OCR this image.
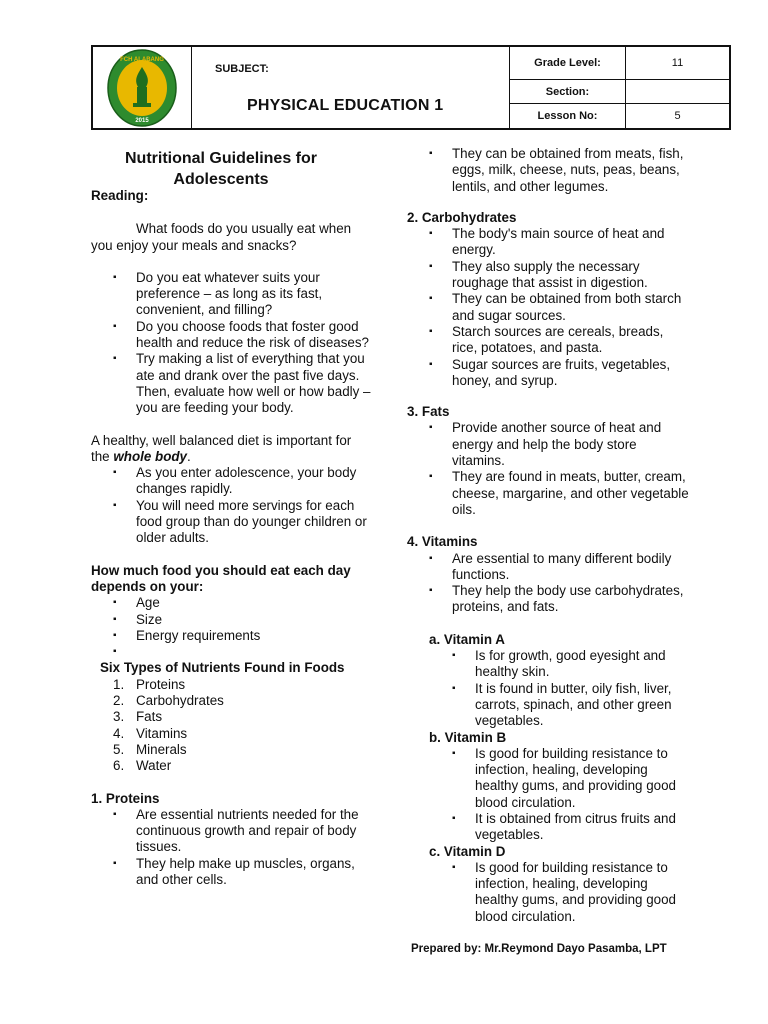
FCH ALABANG
2015
SUBJECT:
PHYSICAL EDUCATION 1
Grade Level:	11
Section:
Lesson No:	5
Nutritional Guidelines for Adolescents

Reading:

What foods do you usually eat when you enjoy your meals and snacks?

▪ Do you eat whatever suits your preference – as long as its fast, convenient, and filling?
▪ Do you choose foods that foster good health and reduce the risk of diseases?
▪ Try making a list of everything that you ate and drank over the past five days. Then, evaluate how well or how badly – you are feeding your body.

A healthy, well balanced diet is important for the whole body.

▪ As you enter adolescence, your body changes rapidly.
▪ You will need more servings for each food group than do younger children or older adults.

How much food you should eat each day depends on your:

▪ Age
▪ Size
▪ Energy requirements
▪

Six Types of Nutrients Found in Foods

1. Proteins
2. Carbohydrates
3. Fats
4. Vitamins
5. Minerals
6. Water

1. Proteins

▪ Are essential nutrients needed for the continuous growth and repair of body tissues.
▪ They help make up muscles, organs, and other cells.
▪ They can be obtained from meats, fish, eggs, milk, cheese, nuts, peas, beans, lentils, and other legumes.

2. Carbohydrates

▪ The body's main source of heat and energy.
▪ They also supply the necessary roughage that assist in digestion.
▪ They can be obtained from both starch and sugar sources.
▪ Starch sources are cereals, breads, rice, potatoes, and pasta.
▪ Sugar sources are fruits, vegetables, honey, and syrup.

3. Fats

▪ Provide another source of heat and energy and help the body store vitamins.
▪ They are found in meats, butter, cream, cheese, margarine, and other vegetable oils.

4. Vitamins

▪ Are essential to many different bodily functions.
▪ They help the body use carbohydrates, proteins, and fats.

a. Vitamin A

▪ Is for growth, good eyesight and healthy skin.
▪ It is found in butter, oily fish, liver, carrots, spinach, and other green vegetables.

b. Vitamin B

▪ Is good for building resistance to infection, healing, developing healthy gums, and providing good blood circulation.
▪ It is obtained from citrus fruits and vegetables.

c. Vitamin D

▪ Is good for building resistance to infection, healing, developing healthy gums, and providing good blood circulation.
Prepared by: Mr.Reymond Dayo Pasamba, LPT
